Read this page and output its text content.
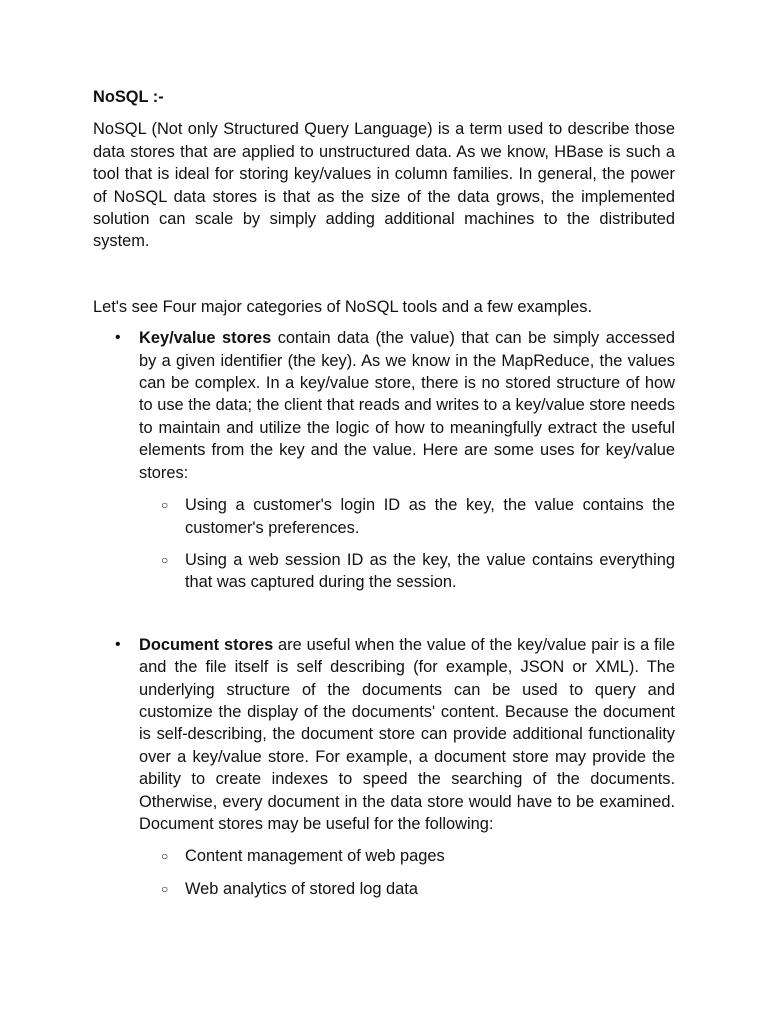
NoSQL :-

NoSQL (Not only Structured Query Language) is a term used to describe those data stores that are applied to unstructured data. As we know, HBase is such a tool that is ideal for storing key/values in column families. In general, the power of NoSQL data stores is that as the size of the data grows, the implemented solution can scale by simply adding additional machines to the distributed system.

Let's see Four major categories of NoSQL tools and a few examples.

• Key/value stores contain data (the value) that can be simply accessed by a given identifier (the key). As we know in the MapReduce, the values can be complex. In a key/value store, there is no stored structure of how to use the data; the client that reads and writes to a key/value store needs to maintain and utilize the logic of how to meaningfully extract the useful elements from the key and the value. Here are some uses for key/value stores:

○ Using a customer's login ID as the key, the value contains the customer's preferences.
○ Using a web session ID as the key, the value contains everything that was captured during the session.
• Document stores are useful when the value of the key/value pair is a file and the file itself is self describing (for example, JSON or XML). The underlying structure of the documents can be used to query and customize the display of the documents' content. Because the document is self-describing, the document store can provide additional functionality over a key/value store. For example, a document store may provide the ability to create indexes to speed the searching of the documents. Otherwise, every document in the data store would have to be examined. Document stores may be useful for the following:

○ Content management of web pages
○ Web analytics of stored log data
